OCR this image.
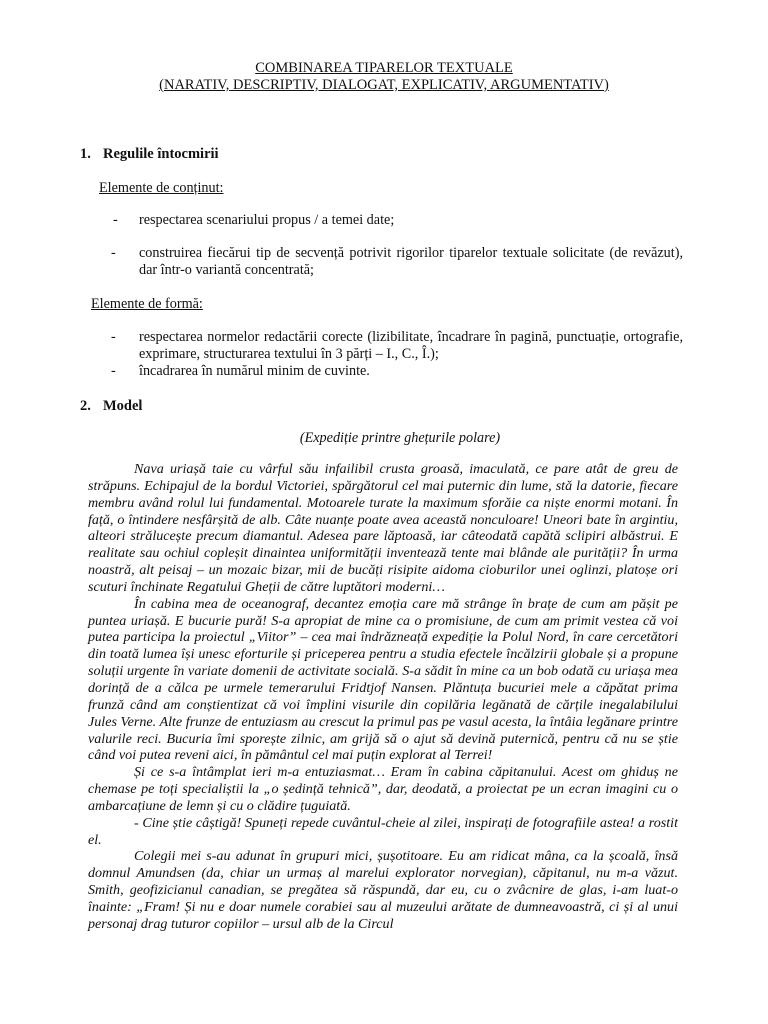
COMBINAREA TIPARELOR TEXTUALE
(NARATIV, DESCRIPTIV, DIALOGAT, EXPLICATIV, ARGUMENTATIV)
1. Regulile întocmirii
Elemente de conținut:
- respectarea scenariului propus / a temei date;
- construirea fiecărui tip de secvență potrivit rigorilor tiparelor textuale solicitate (de revăzut), dar într-o variantă concentrată;
Elemente de formă:
- respectarea normelor redactării corecte (lizibilitate, încadrare în pagină, punctuație, ortografie, exprimare, structurarea textului în 3 părți – I., C., Î.);
- încadrarea în numărul minim de cuvinte.
2. Model
(Expediție printre ghețurile polare)

Nava uriașă taie cu vârful său infailibil crusta groasă, imaculată, ce pare atât de greu de străpuns. Echipajul de la bordul Victoriei, spărgătorul cel mai puternic din lume, stă la datorie, fiecare membru având rolul lui fundamental. Motoarele turate la maximum sforăie ca niște enormi motani. În față, o întindere nesfârșită de alb. Câte nuanțe poate avea această nonculoare! Uneori bate în argintiu, alteori strălucește precum diamantul. Adesea pare lăptoasă, iar câteodată capătă sclipiri albăstrui. E realitate sau ochiul copleșit dinaintea uniformității inventează tente mai blânde ale purității? În urma noastră, alt peisaj – un mozaic bizar, mii de bucăți risipite aidoma cioburilor unei oglinzi, platoșe ori scuturi închinate Regatului Gheții de către luptători moderni…

În cabina mea de oceanograf, decantez emoția care mă strânge în brațe de cum am pășit pe puntea uriașă. E bucurie pură! S-a apropiat de mine ca o promisiune, de cum am primit vestea că voi putea participa la proiectul „Viitor” – cea mai îndrăzneață expediție la Polul Nord, în care cercetători din toată lumea își unesc eforturile și priceperea pentru a studia efectele încălzirii globale și a propune soluții urgente în variate domenii de activitate socială. S-a sădit în mine ca un bob odată cu uriașa mea dorință de a călca pe urmele temerarului Fridtjof Nansen. Plăntuța bucuriei mele a căpătat prima frunză când am conștientizat că voi împlini visurile din copilăria legănată de cărțile inegalabilului Jules Verne. Alte frunze de entuziasm au crescut la primul pas pe vasul acesta, la întâia legănare printre valurile reci. Bucuria îmi sporește zilnic, am grijă să o ajut să devină puternică, pentru că nu se știe când voi putea reveni aici, în pământul cel mai puțin explorat al Terrei!

Și ce s-a întâmplat ieri m-a entuziasmat… Eram în cabina căpitanului. Acest om ghiduș ne chemase pe toți specialiștii la „o ședință tehnică”, dar, deodată, a proiectat pe un ecran imagini cu o ambarcațiune de lemn și cu o clădire țuguiată.

- Cine știe câștigă! Spuneți repede cuvântul-cheie al zilei, inspirați de fotografiile astea! a rostit el.

Colegii mei s-au adunat în grupuri mici, șușotitoare. Eu am ridicat mâna, ca la școală, însă domnul Amundsen (da, chiar un urmaș al marelui explorator norvegian), căpitanul, nu m-a văzut. Smith, geofizicianul canadian, se pregătea să răspundă, dar eu, cu o zvâcnire de glas, i-am luat-o înainte: „Fram! Și nu e doar numele corabiei sau al muzeului arătate de dumneavoastră, ci și al unui personaj drag tuturor copiilor – ursul alb de la Circul
